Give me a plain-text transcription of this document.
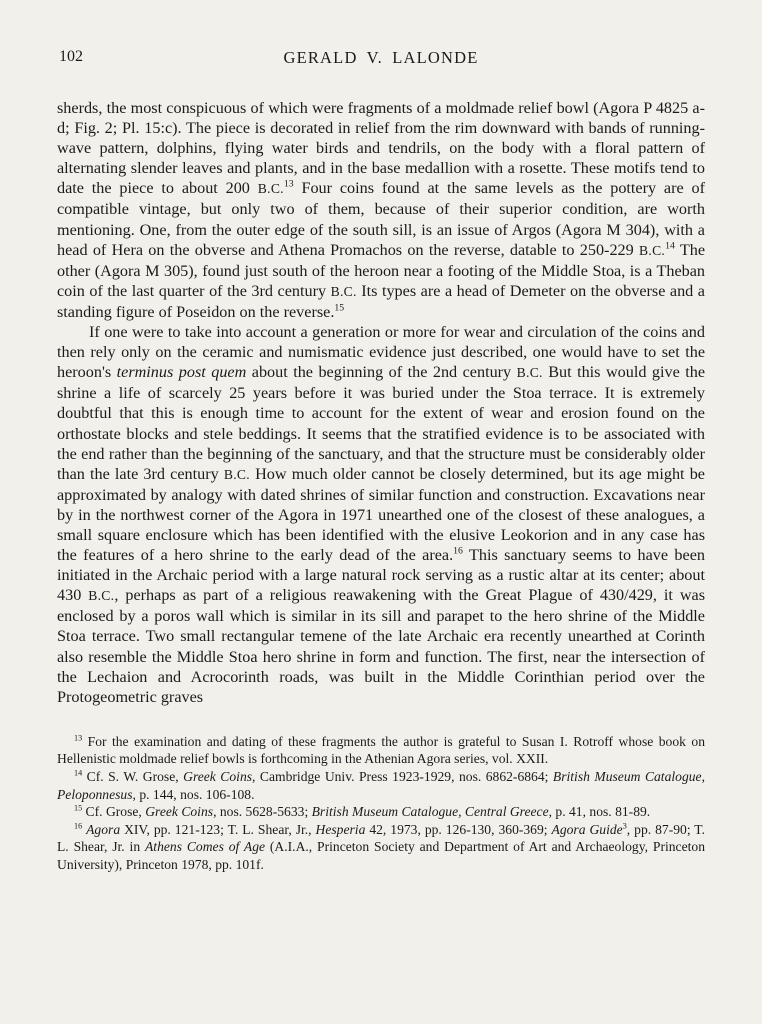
102	GERALD V. LALONDE

sherds, the most conspicuous of which were fragments of a moldmade relief bowl (Agora P 4825 a-d; Fig. 2; Pl. 15:c). The piece is decorated in relief from the rim downward with bands of running-wave pattern, dolphins, flying water birds and tendrils, on the body with a floral pattern of alternating slender leaves and plants, and in the base medallion with a rosette. These motifs tend to date the piece to about 200 B.C.$^{13}$ Four coins found at the same levels as the pottery are of compatible vintage, but only two of them, because of their superior condition, are worth mentioning. One, from the outer edge of the south sill, is an issue of Argos (Agora M 304), with a head of Hera on the obverse and Athena Promachos on the reverse, datable to 250-229 B.C.$^{14}$ The other (Agora M 305), found just south of the heroon near a footing of the Middle Stoa, is a Theban coin of the last quarter of the 3rd century B.C. Its types are a head of Demeter on the obverse and a standing figure of Poseidon on the reverse.$^{15}$

If one were to take into account a generation or more for wear and circulation of the coins and then rely only on the ceramic and numismatic evidence just described, one would have to set the heroon's terminus post quem about the beginning of the 2nd century B.C. But this would give the shrine a life of scarcely 25 years before it was buried under the Stoa terrace. It is extremely doubtful that this is enough time to account for the extent of wear and erosion found on the orthostate blocks and stele beddings. It seems that the stratified evidence is to be associated with the end rather than the beginning of the sanctuary, and that the structure must be considerably older than the late 3rd century B.C. How much older cannot be closely determined, but its age might be approximated by analogy with dated shrines of similar function and construction. Excavations near by in the northwest corner of the Agora in 1971 unearthed one of the closest of these analogues, a small square enclosure which has been identified with the elusive Leokorion and in any case has the features of a hero shrine to the early dead of the area.$^{16}$ This sanctuary seems to have been initiated in the Archaic period with a large natural rock serving as a rustic altar at its center; about 430 B.C., perhaps as part of a religious reawakening with the Great Plague of 430/429, it was enclosed by a poros wall which is similar in its sill and parapet to the hero shrine of the Middle Stoa terrace. Two small rectangular temene of the late Archaic era recently unearthed at Corinth also resemble the Middle Stoa hero shrine in form and function. The first, near the intersection of the Lechaion and Acrocorinth roads, was built in the Middle Corinthian period over the Protogeometric graves

$^{13}$ For the examination and dating of these fragments the author is grateful to Susan I. Rotroff whose book on Hellenistic moldmade relief bowls is forthcoming in the Athenian Agora series, vol. XXII.

$^{14}$ Cf. S. W. Grose, Greek Coins, Cambridge Univ. Press 1923-1929, nos. 6862-6864; British Museum Catalogue, Peloponnesus, p. 144, nos. 106-108.

$^{15}$ Cf. Grose, Greek Coins, nos. 5628-5633; British Museum Catalogue, Central Greece, p. 41, nos. 81-89.

$^{16}$ Agora XIV, pp. 121-123; T. L. Shear, Jr., Hesperia 42, 1973, pp. 126-130, 360-369; Agora Guide$^3$, pp. 87-90; T. L. Shear, Jr. in Athens Comes of Age (A.I.A., Princeton Society and Department of Art and Archaeology, Princeton University), Princeton 1978, pp. 101f.
